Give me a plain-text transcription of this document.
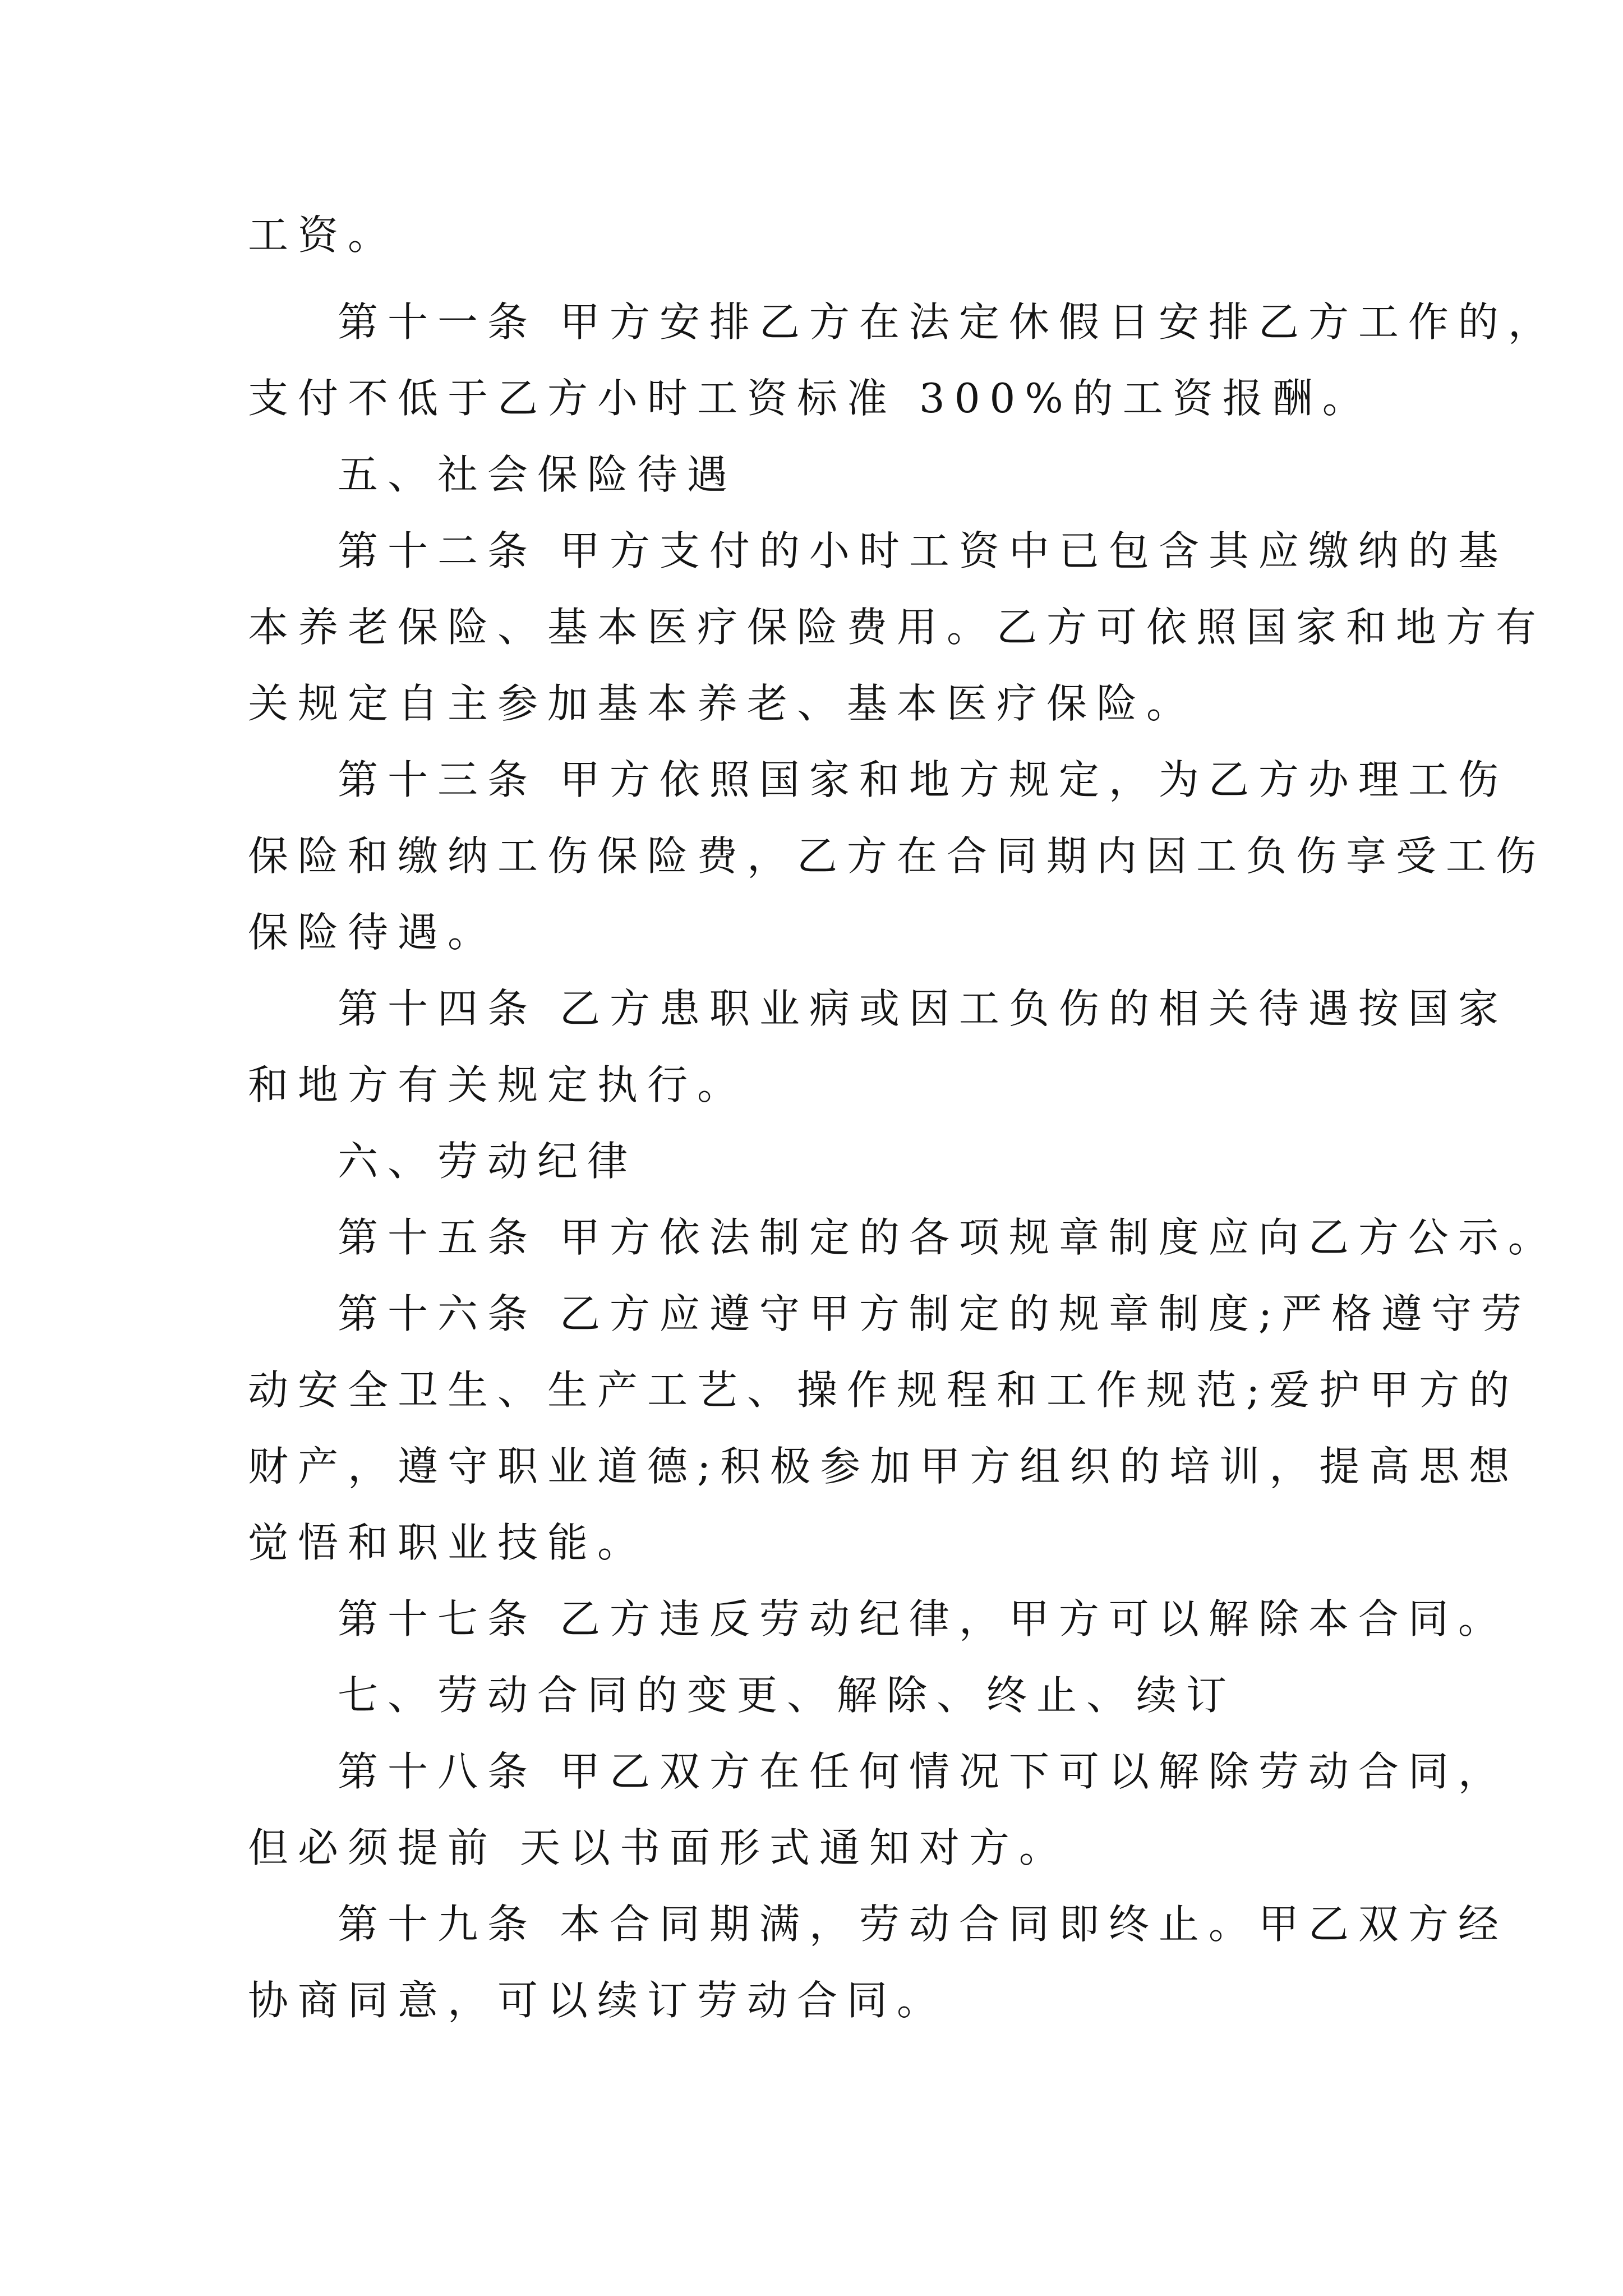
工资。
第十一条 甲方安排乙方在法定休假日安排乙方工作的，
支付不低于乙方小时工资标准 300%的工资报酬。
五、社会保险待遇
第十二条 甲方支付的小时工资中已包含其应缴纳的基
本养老保险、基本医疗保险费用。乙方可依照国家和地方有
关规定自主参加基本养老、基本医疗保险。
第十三条 甲方依照国家和地方规定，为乙方办理工伤
保险和缴纳工伤保险费，乙方在合同期内因工负伤享受工伤
保险待遇。
第十四条 乙方患职业病或因工负伤的相关待遇按国家
和地方有关规定执行。
六、劳动纪律
第十五条 甲方依法制定的各项规章制度应向乙方公示。
第十六条 乙方应遵守甲方制定的规章制度;严格遵守劳
动安全卫生、生产工艺、操作规程和工作规范;爱护甲方的
财产，遵守职业道德;积极参加甲方组织的培训，提高思想
觉悟和职业技能。
第十七条 乙方违反劳动纪律，甲方可以解除本合同。
七、劳动合同的变更、解除、终止、续订
第十八条 甲乙双方在任何情况下可以解除劳动合同，
但必须提前 天以书面形式通知对方。
第十九条 本合同期满，劳动合同即终止。甲乙双方经
协商同意，可以续订劳动合同。
